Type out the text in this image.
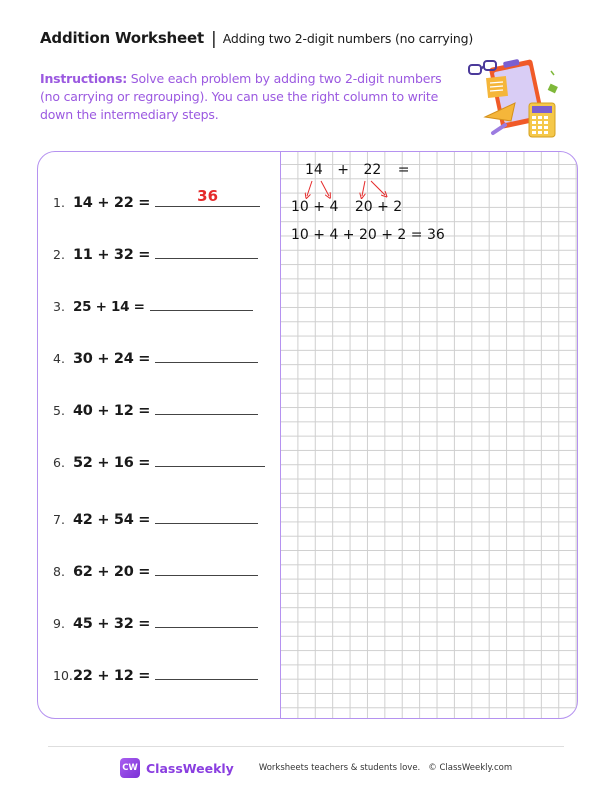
Addition Worksheet | Adding two 2-digit numbers (no carrying)
Instructions: Solve each problem by adding two 2-digit numbers (no carrying or regrouping). You can use the right column to write down the intermediary steps.
1. 14 + 22 =	36
2. 11 + 32 =
3. 25 + 14 =
4. 30 + 24 =
5. 40 + 12 =
6. 52 + 16 =
7. 42 + 54 =
8. 62 + 20 =
9. 45 + 32 =
10. 22 + 12 =
14 + 22 =
10 + 4 20 + 2
10 + 4 + 20 + 2 = 36
CW ClassWeekly	Worksheets teachers & students love. © ClassWeekly.com
